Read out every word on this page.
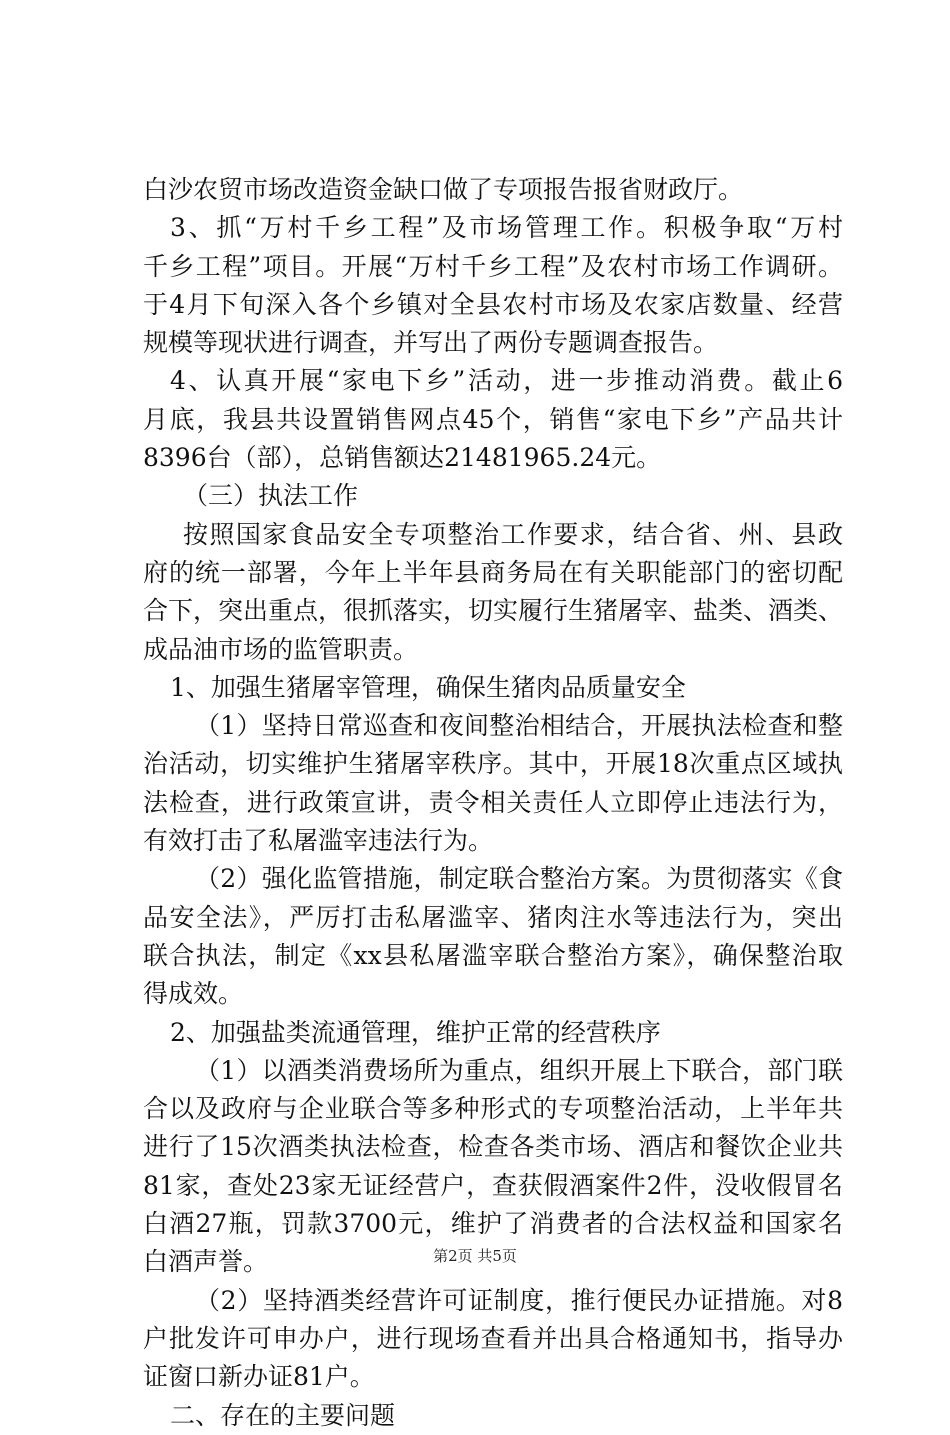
白沙农贸市场改造资金缺口做了专项报告报省财政厅。
3、抓“万村千乡工程”及市场管理工作。积极争取“万村
千乡工程”项目。开展“万村千乡工程”及农村市场工作调研。
于4月下旬深入各个乡镇对全县农村市场及农家店数量、经营
规模等现状进行调查，并写出了两份专题调查报告。
4、认真开展“家电下乡”活动，进一步推动消费。截止6
月底，我县共设置销售网点45个，销售“家电下乡”产品共计
8396台（部），总销售额达21481965.24元。
（三）执法工作
按照国家食品安全专项整治工作要求，结合省、州、县政
府的统一部署，今年上半年县商务局在有关职能部门的密切配
合下，突出重点，很抓落实，切实履行生猪屠宰、盐类、酒类、
成品油市场的监管职责。
1、加强生猪屠宰管理，确保生猪肉品质量安全
（1）坚持日常巡查和夜间整治相结合，开展执法检查和整
治活动，切实维护生猪屠宰秩序。其中，开展18次重点区域执
法检查，进行政策宣讲，责令相关责任人立即停止违法行为，
有效打击了私屠滥宰违法行为。
（2）强化监管措施，制定联合整治方案。为贯彻落实《食
品安全法》，严厉打击私屠滥宰、猪肉注水等违法行为，突出
联合执法，制定《xx县私屠滥宰联合整治方案》，确保整治取
得成效。
2、加强盐类流通管理，维护正常的经营秩序
（1）以酒类消费场所为重点，组织开展上下联合，部门联
合以及政府与企业联合等多种形式的专项整治活动，上半年共
进行了15次酒类执法检查，检查各类市场、酒店和餐饮企业共
81家，查处23家无证经营户，查获假酒案件2件，没收假冒名
白酒27瓶，罚款3700元，维护了消费者的合法权益和国家名
白酒声誉。
（2）坚持酒类经营许可证制度，推行便民办证措施。对8
户批发许可申办户，进行现场查看并出具合格通知书，指导办
证窗口新办证81户。
二、存在的主要问题
第2页 共5页
